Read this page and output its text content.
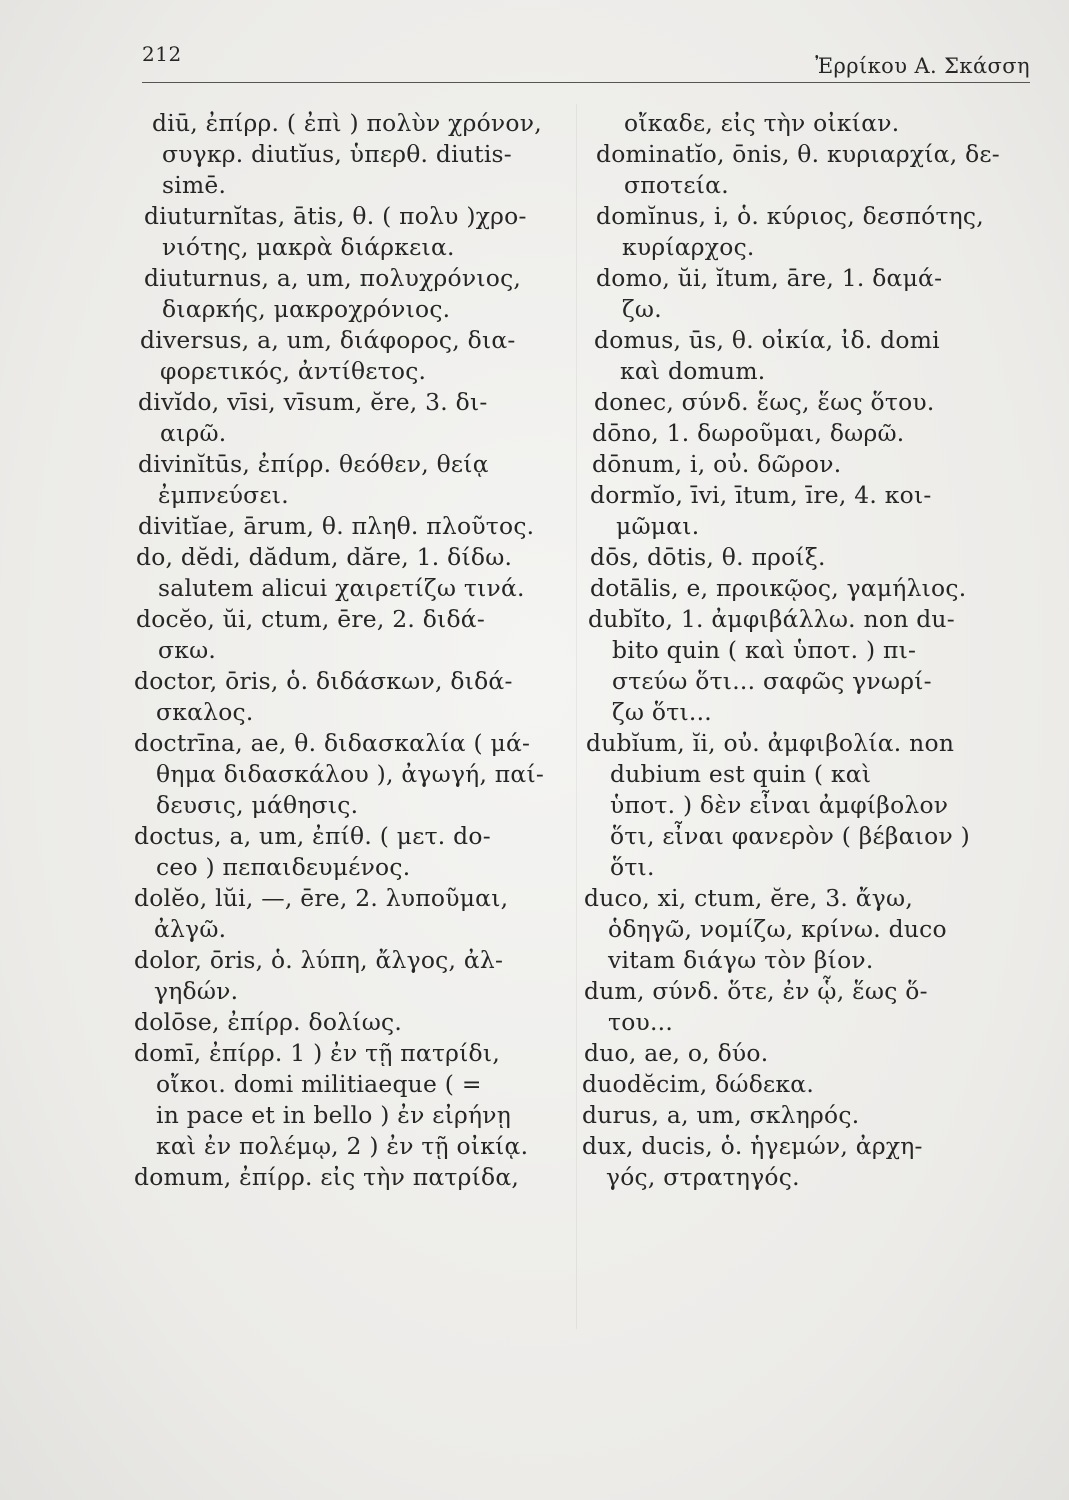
212	Ἐρρίκου Α. Σκάσση
diū, ἐπίρρ. ( ἐπὶ ) πολὺν χρόνον,
συγκρ. diutĭus, ὑπερθ. diutis-
simē.
diuturnĭtas, ātis, θ. ( πολυ )χρο-
νιότης, μακρὰ διάρκεια.
diuturnus, a, um, πολυχρόνιος,
διαρκής, μακροχρόνιος.
diversus, a, um, διάφορος, δια-
φορετικός, ἀντίθετος.
divĭdo, vīsi, vīsum, ĕre, 3. δι-
αιρῶ.
divinĭtūs, ἐπίρρ. θεόθεν, θείᾳ
ἐμπνεύσει.
divitĭae, ārum, θ. πληθ. πλοῦτος.
do, dĕdi, dădum, dăre, 1. δίδω.
salutem alicui χαιρετίζω τινά.
docĕo, ŭi, ctum, ēre, 2. διδά-
σκω.
doctor, ōris, ὁ. διδάσκων, διδά-
σκαλος.
doctrīna, ae, θ. διδασκαλία ( μά-
θημα διδασκάλου ), ἀγωγή, παί-
δευσις, μάθησις.
doctus, a, um, ἐπίθ. ( μετ. do-
ceo ) πεπαιδευμένος.
dolĕo, lŭi, —, ēre, 2. λυποῦμαι,
ἀλγῶ.
dolor, ōris, ὁ. λύπη, ἄλγος, ἀλ-
γηδών.
dolōse, ἐπίρρ. δολίως.
domī, ἐπίρρ. 1 ) ἐν τῇ πατρίδι,
οἴκοι. domi militiaeque ( =
in pace et in bello ) ἐν εἰρήνῃ
καὶ ἐν πολέμῳ, 2 ) ἐν τῇ οἰκίᾳ.
domum, ἐπίρρ. εἰς τὴν πατρίδα,
οἴκαδε, εἰς τὴν οἰκίαν.
dominatĭo, ōnis, θ. κυριαρχία, δε-
σποτεία.
domĭnus, i, ὁ. κύριος, δεσπότης,
κυρίαρχος.
domo, ŭi, ĭtum, āre, 1. δαμά-
ζω.
domus, ūs, θ. οἰκία, ἰδ. domi
καὶ domum.
donec, σύνδ. ἕως, ἕως ὅτου.
dōno, 1. δωροῦμαι, δωρῶ.
dōnum, i, οὐ. δῶρον.
dormĭo, īvi, ītum, īre, 4. κοι-
μῶμαι.
dōs, dōtis, θ. προίξ.
dotālis, e, προικῷος, γαμήλιος.
dubĭto, 1. ἀμφιβάλλω. non du-
bito quin ( καὶ ὑποτ. ) πι-
στεύω ὅτι... σαφῶς γνωρί-
ζω ὅτι...
dubĭum, ĭi, οὐ. ἀμφιβολία. non
dubium est quin ( καὶ
ὑποτ. ) δὲν εἶναι ἀμφίβολον
ὅτι, εἶναι φανερὸν ( βέβαιον )
ὅτι.
duco, xi, ctum, ĕre, 3. ἄγω,
ὁδηγῶ, νομίζω, κρίνω. duco
vitam διάγω τὸν βίον.
dum, σύνδ. ὅτε, ἐν ᾧ, ἕως ὅ-
του...
duo, ae, o, δύο.
duodĕcim, δώδεκα.
durus, a, um, σκληρός.
dux, ducis, ὁ. ἡγεμών, ἀρχη-
γός, στρατηγός.
